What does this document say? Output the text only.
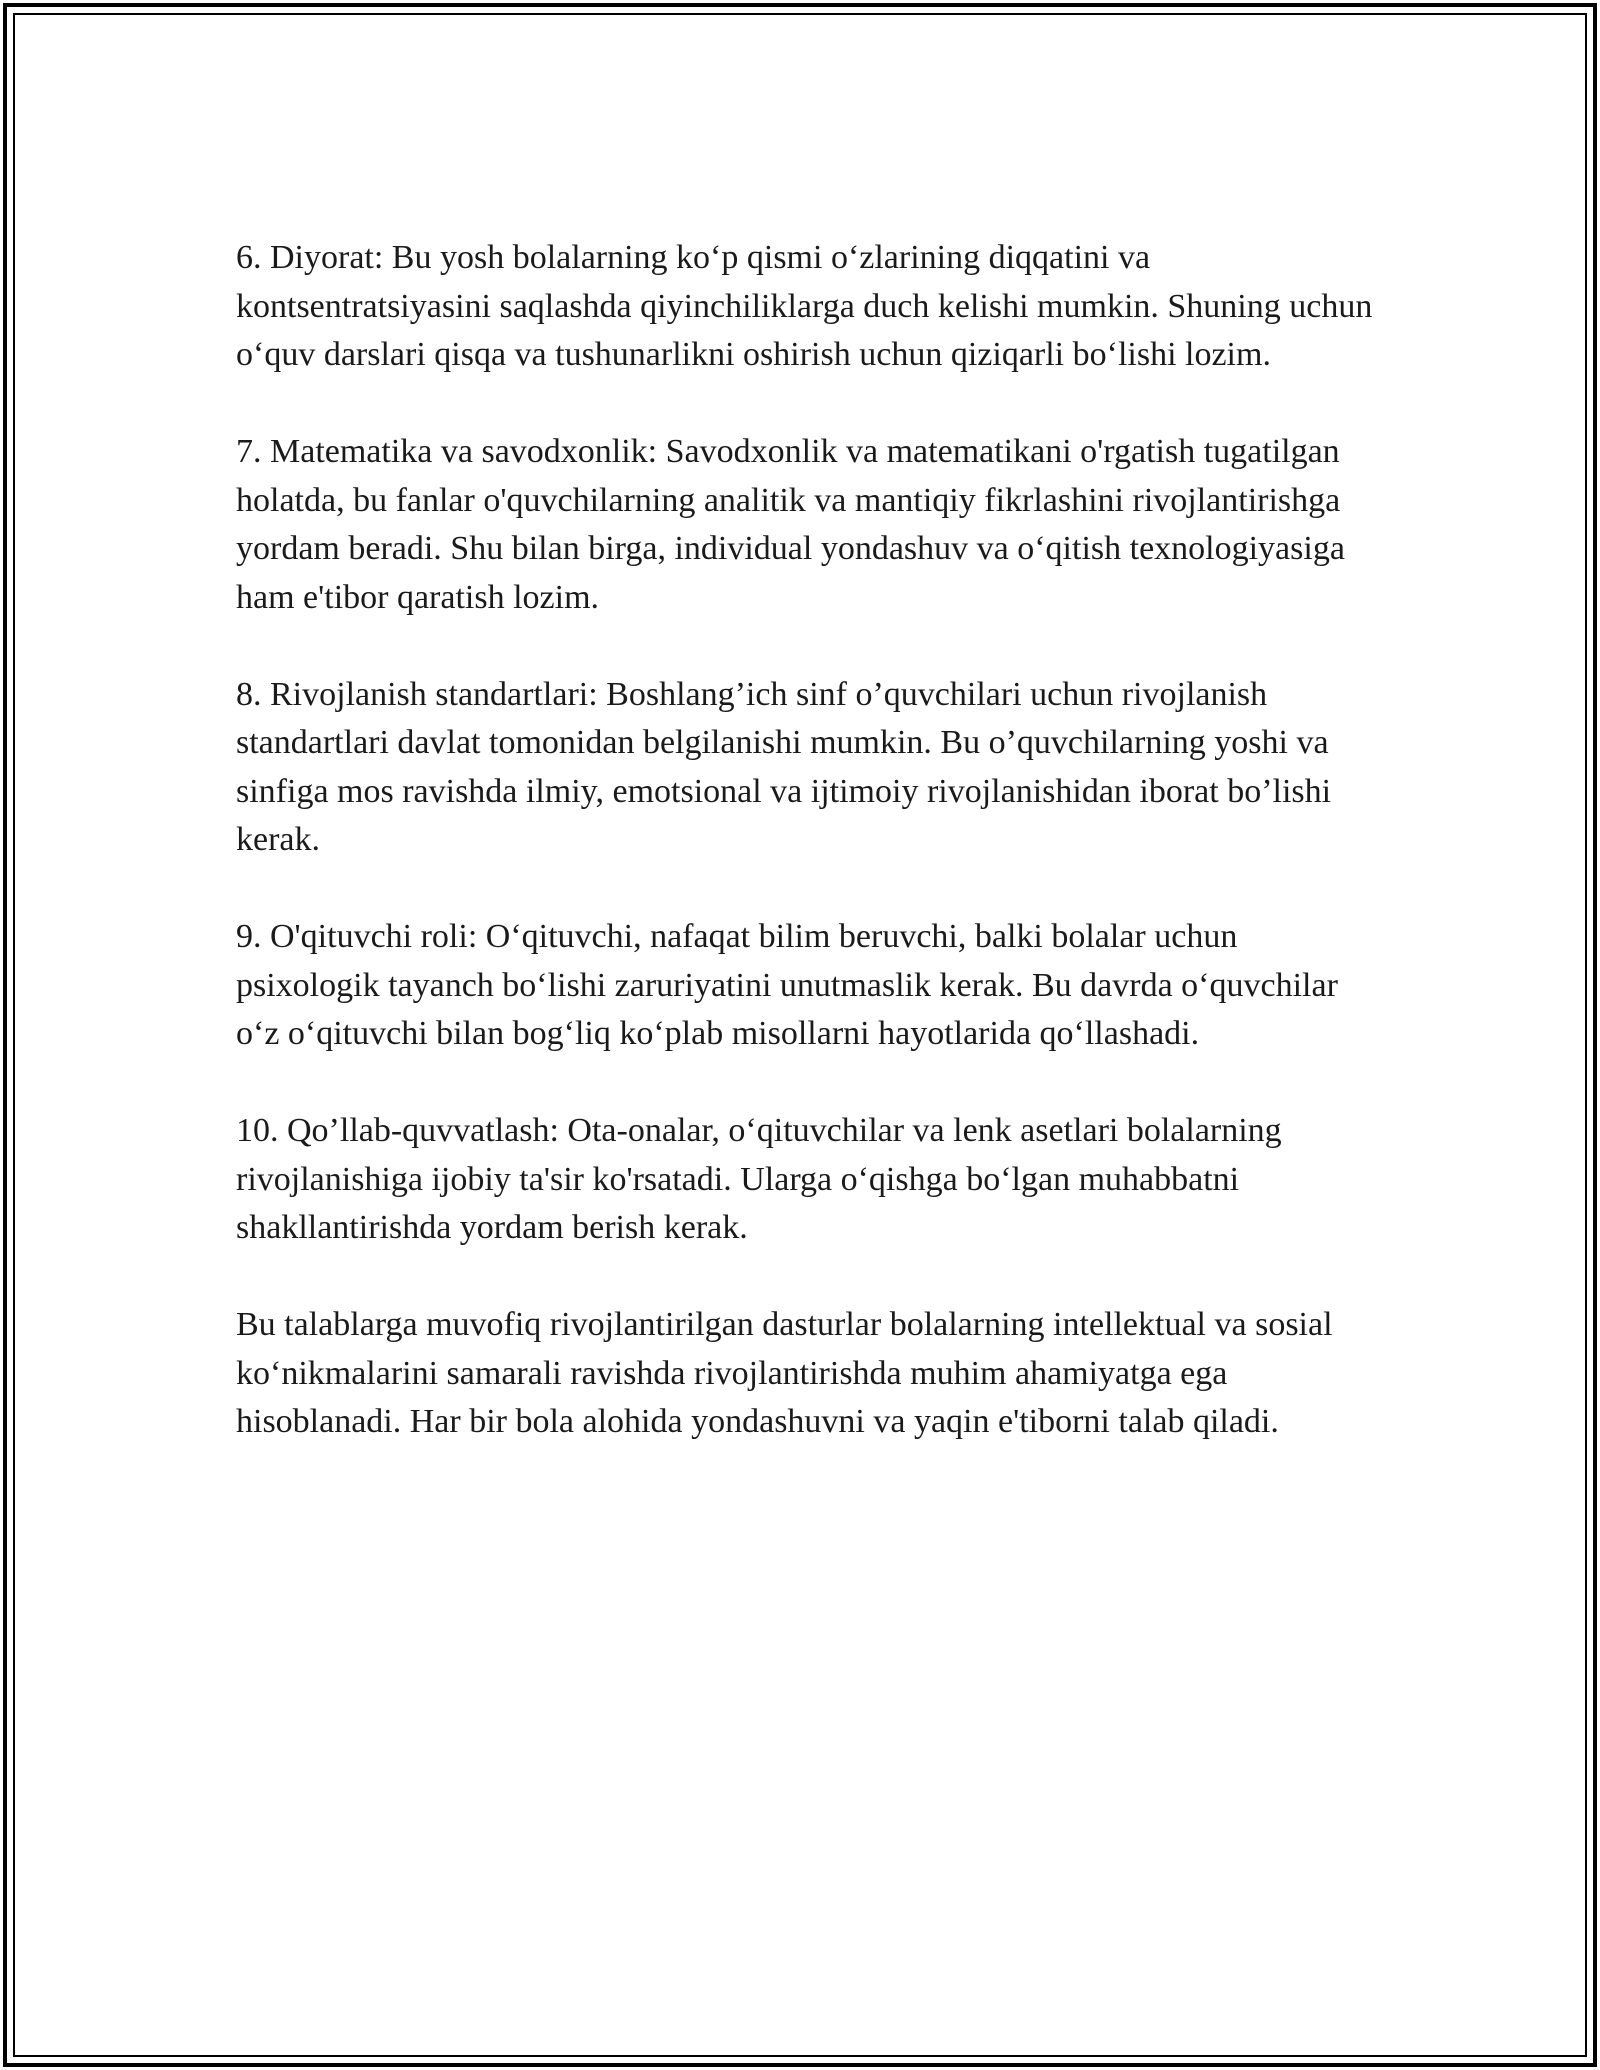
6. Diyorat: Bu yosh bolalarning koʻp qismi oʻzlarining diqqatini va kontsentratsiyasini saqlashda qiyinchiliklarga duch kelishi mumkin. Shuning uchun oʻquv darslari qisqa va tushunarlikni oshirish uchun qiziqarli boʻlishi lozim.

7. Matematika va savodxonlik: Savodxonlik va matematikani o'rgatish tugatilgan holatda, bu fanlar o'quvchilarning analitik va mantiqiy fikrlashini rivojlantirishga yordam beradi. Shu bilan birga, individual yondashuv va oʻqitish texnologiyasiga ham e'tibor qaratish lozim.

8. Rivojlanish standartlari: Boshlang’ich sinf o’quvchilari uchun rivojlanish standartlari davlat tomonidan belgilanishi mumkin. Bu o’quvchilarning yoshi va sinfiga mos ravishda ilmiy, emotsional va ijtimoiy rivojlanishidan iborat bo’lishi kerak.

9. O'qituvchi roli: Oʻqituvchi, nafaqat bilim beruvchi, balki bolalar uchun psixologik tayanch boʻlishi zaruriyatini unutmaslik kerak. Bu davrda oʻquvchilar oʻz oʻqituvchi bilan bogʻliq koʻplab misollarni hayotlarida qoʻllashadi.

10. Qo’llab-quvvatlash: Ota-onalar, oʻqituvchilar va lenk asetlari bolalarning rivojlanishiga ijobiy ta'sir ko'rsatadi. Ularga oʻqishga boʻlgan muhabbatni shakllantirishda yordam berish kerak.

Bu talablarga muvofiq rivojlantirilgan dasturlar bolalarning intellektual va sosial koʻnikmalarini samarali ravishda rivojlantirishda muhim ahamiyatga ega hisoblanadi. Har bir bola alohida yondashuvni va yaqin e'tiborni talab qiladi.
